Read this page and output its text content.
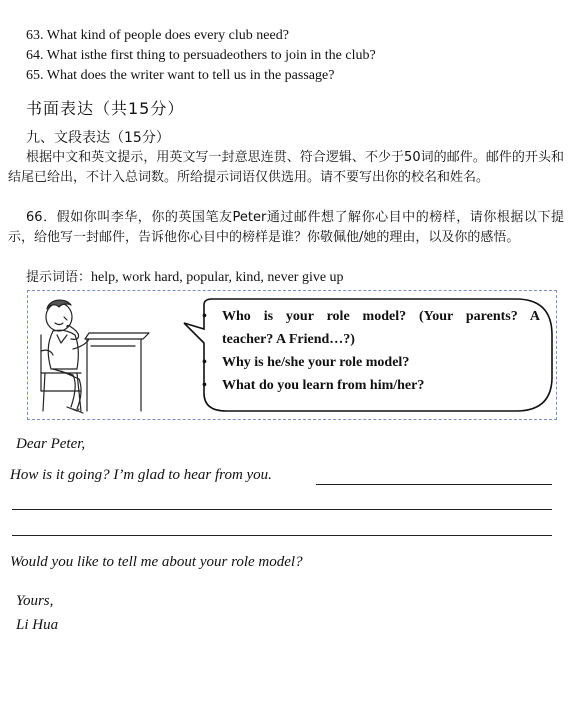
63. What kind of people does every club need?
64. What isthe first thing to persuadeothers to join in the club?
65. What does the writer want to tell us in the passage?
书面表达（共15分）
九、文段表达（15分）
根据中文和英文提示，用英文写一封意思连贯、符合逻辑、不少于50词的邮件。邮件的开头和结尾已给出，不计入总词数。所给提示词语仅供选用。请不要写出你的校名和姓名。
66．假如你叫李华，你的英国笔友Peter通过邮件想了解你心目中的榜样，请你根据以下提示，给他写一封邮件，告诉他你心目中的榜样是谁？你敬佩他/她的理由，以及你的感悟。
提示词语：help, work hard, popular, kind, never give up
• Who is your role model? (Your parents? A
teacher? A Friend…?)
• Why is he/she your role model?
• What do you learn from him/her?
Dear Peter,
How is it going? I’m glad to hear from you.
Would you like to tell me about your role model?
Yours,
Li Hua
